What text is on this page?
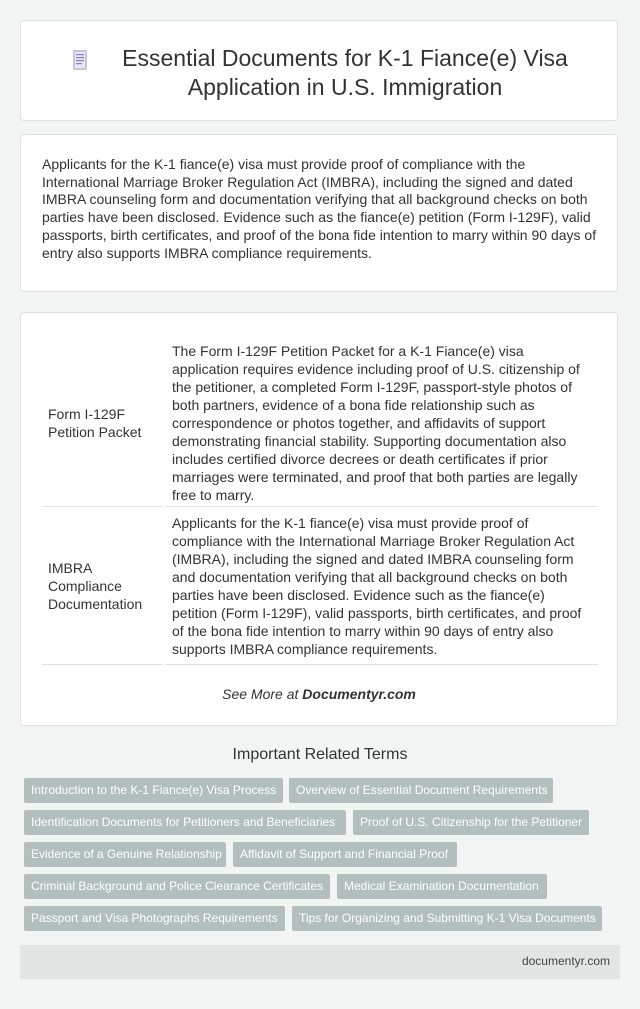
Essential Documents for K-1 Fiance(e) Visa Application in U.S. Immigration

Applicants for the K-1 fiance(e) visa must provide proof of compliance with the International Marriage Broker Regulation Act (IMBRA), including the signed and dated IMBRA counseling form and documentation verifying that all background checks on both parties have been disclosed. Evidence such as the fiance(e) petition (Form I-129F), valid passports, birth certificates, and proof of the bona fide intention to marry within 90 days of entry also supports IMBRA compliance requirements.

Form I-129F Petition Packet	The Form I-129F Petition Packet for a K-1 Fiance(e) visa application requires evidence including proof of U.S. citizenship of the petitioner, a completed Form I-129F, passport-style photos of both partners, evidence of a bona fide relationship such as correspondence or photos together, and affidavits of support demonstrating financial stability. Supporting documentation also includes certified divorce decrees or death certificates if prior marriages were terminated, and proof that both parties are legally free to marry.
IMBRA Compliance Documentation	Applicants for the K-1 fiance(e) visa must provide proof of compliance with the International Marriage Broker Regulation Act (IMBRA), including the signed and dated IMBRA counseling form and documentation verifying that all background checks on both parties have been disclosed. Evidence such as the fiance(e) petition (Form I-129F), valid passports, birth certificates, and proof of the bona fide intention to marry within 90 days of entry also supports IMBRA compliance requirements.
See More at Documentyr.com
Important Related Terms
Introduction to the K-1 Fiance(e) Visa Process	Overview of Essential Document Requirements
Identification Documents for Petitioners and Beneficiaries	Proof of U.S. Citizenship for the Petitioner
Evidence of a Genuine Relationship	Affidavit of Support and Financial Proof
Criminal Background and Police Clearance Certificates	Medical Examination Documentation
Passport and Visa Photographs Requirements	Tips for Organizing and Submitting K-1 Visa Documents
documentyr.com
